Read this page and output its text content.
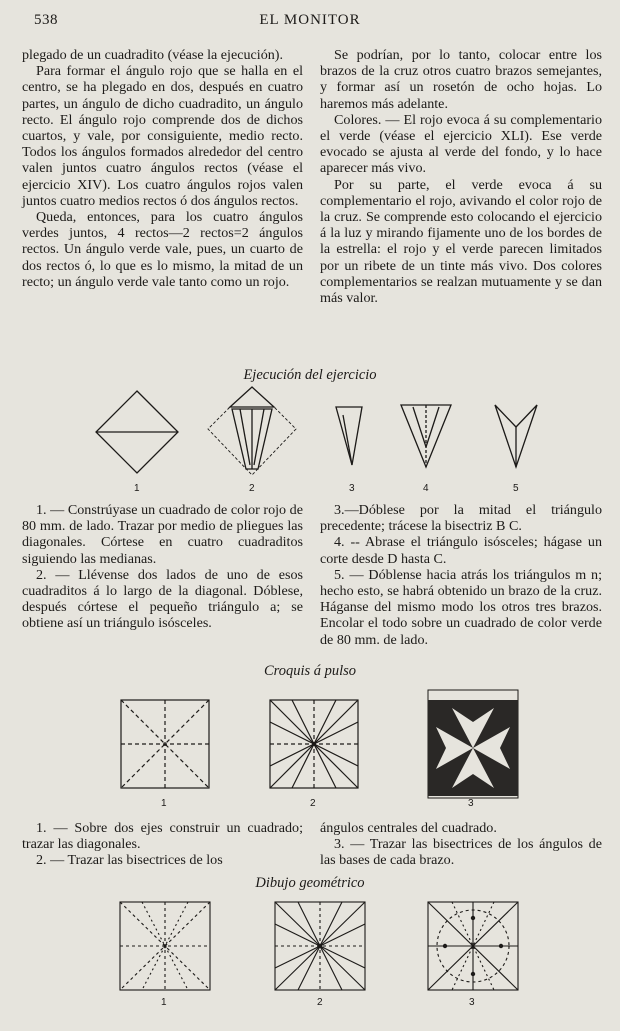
538	EL MONITOR

plegado de un cuadradito (véase la ejecución).

Para formar el ángulo rojo que se halla en el centro, se ha plegado en dos, después en cuatro partes, un ángulo de dicho cuadradito, un ángulo recto. El ángulo rojo comprende dos de dichos cuartos, y vale, por consiguiente, medio recto. Todos los ángulos formados alrededor del centro valen juntos cuatro ángulos rectos (véase el ejercicio XIV). Los cuatro ángulos rojos valen juntos cuatro medios rectos ó dos ángulos rectos.

Queda, entonces, para los cuatro ángulos verdes juntos, 4 rectos—2 rectos=2 ángulos rectos. Un ángulo verde vale, pues, un cuarto de dos rectos ó, lo que es lo mismo, la mitad de un recto; un ángulo verde vale tanto como un rojo.

Se podrían, por lo tanto, colocar entre los brazos de la cruz otros cuatro brazos semejantes, y formar así un rosetón de ocho hojas. Lo haremos más adelante.

Colores. — El rojo evoca á su complementario el verde (véase el ejercicio XLI). Ese verde evocado se ajusta al verde del fondo, y lo hace aparecer más vivo.

Por su parte, el verde evoca á su complementario el rojo, avivando el color rojo de la cruz. Se comprende esto colocando el ejercicio á la luz y mirando fijamente uno de los bordes de la estrella: el rojo y el verde parecen limitados por un ribete de un tinte más vivo. Dos colores complementarios se realzan mutuamente y se dan más valor.

Ejecución del ejercicio
1	2	3	4	5

1. — Constrúyase un cuadrado de color rojo de 80 mm. de lado. Trazar por medio de pliegues las diagonales. Córtese en cuatro cuadraditos siguiendo las medianas.

2. — Llévense dos lados de uno de esos cuadraditos á lo largo de la diagonal. Dóblese, después córtese el pequeño triángulo a; se obtiene así un triángulo isósceles.

3.—Dóblese por la mitad el triángulo precedente; trácese la bisectriz B C.

4. -- Abrase el triángulo isósceles; hágase un corte desde D hasta C.

5. — Dóblense hacia atrás los triángulos m n; hecho esto, se habrá obtenido un brazo de la cruz. Háganse del mismo modo los otros tres brazos. Encolar el todo sobre un cuadrado de color verde de 80 mm. de lado.

Croquis á pulso
1	2	3

1. — Sobre dos ejes construir un cuadrado; trazar las diagonales.

2. — Trazar las bisectrices de los

ángulos centrales del cuadrado.

3. — Trazar las bisectrices de los ángulos de las bases de cada brazo.

Dibujo geométrico
1	2	3
